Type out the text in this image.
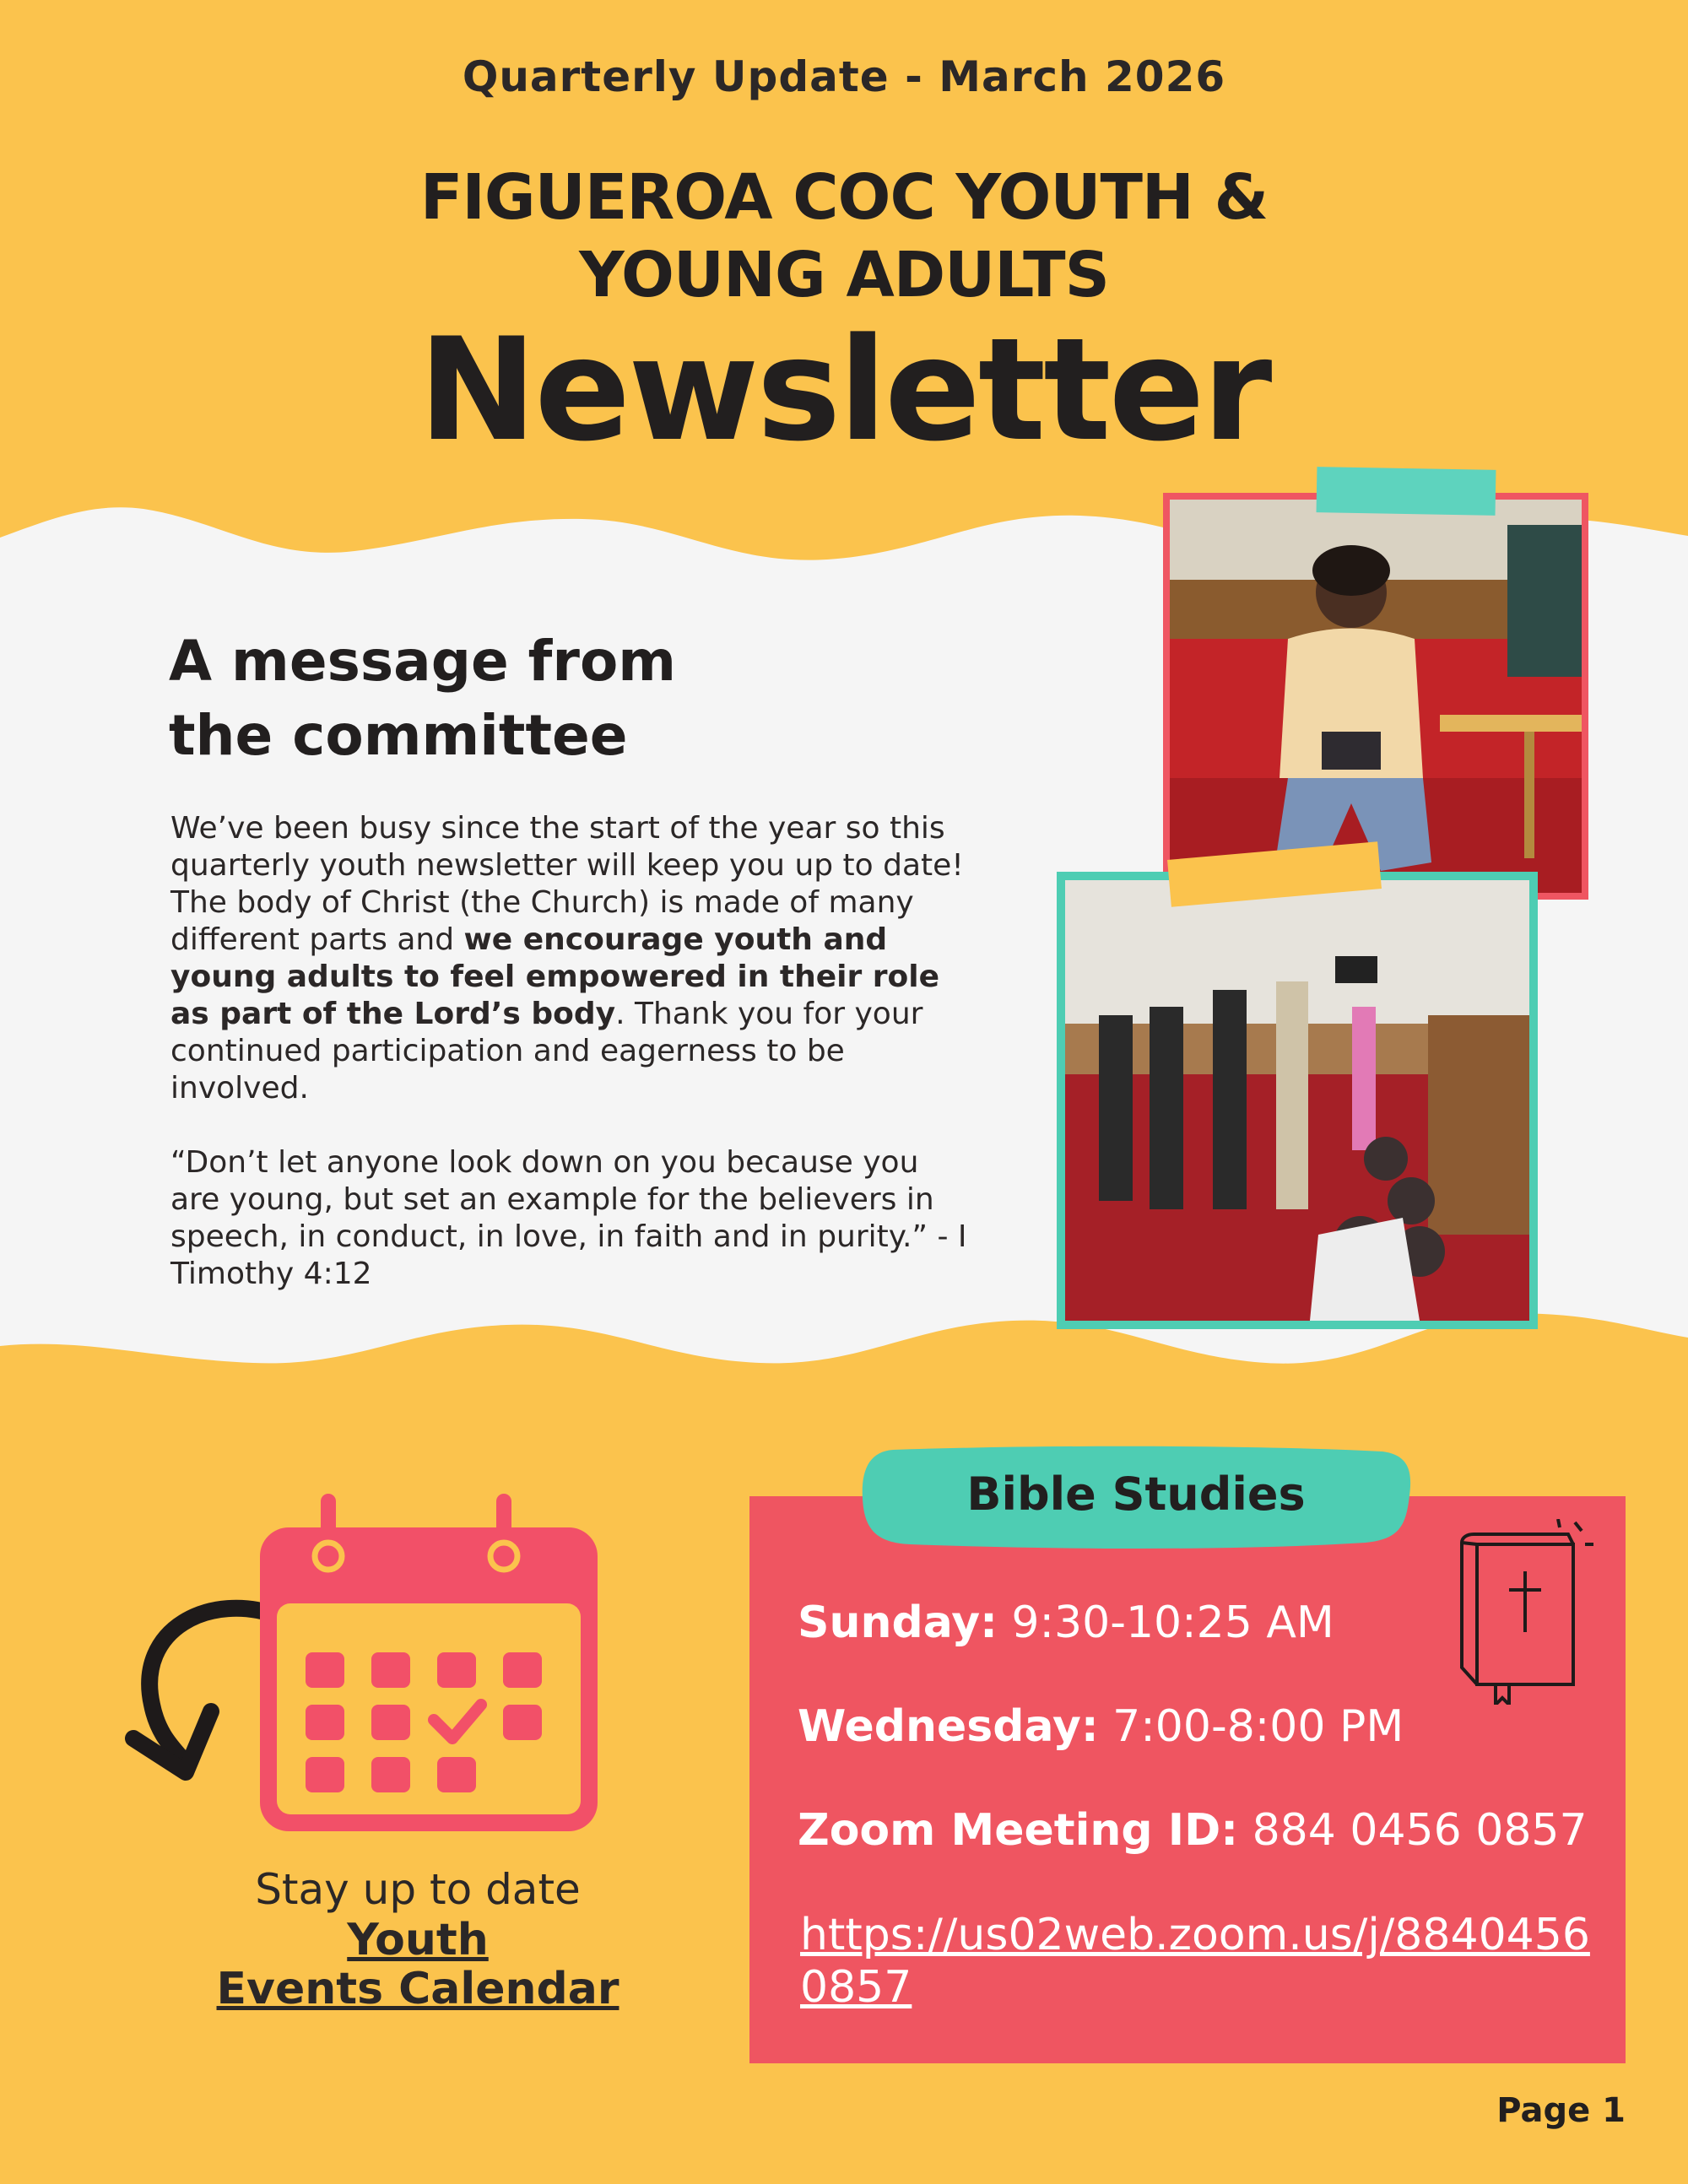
Quarterly Update - March 2026
FIGUEROA COC YOUTH &
YOUNG ADULTS
Newsletter
A message from
the committee
We’ve been busy since the start of the year so this quarterly youth newsletter will keep you up to date! The body of Christ (the Church) is made of many different parts and we encourage youth and young adults to feel empowered in their role as part of the Lord’s body. Thank you for your continued participation and eagerness to be involved.
“Don’t let anyone look down on you because you are young, but set an example for the believers in speech, in conduct, in love, in faith and in purity.” - I Timothy 4:12
Stay up to date
Youth
Events Calendar
Bible Studies
Sunday: 9:30-10:25 AM
Wednesday: 7:00-8:00 PM
Zoom Meeting ID: 884 0456 0857
https://us02web.zoom.us/j/88404560857
Page 1
